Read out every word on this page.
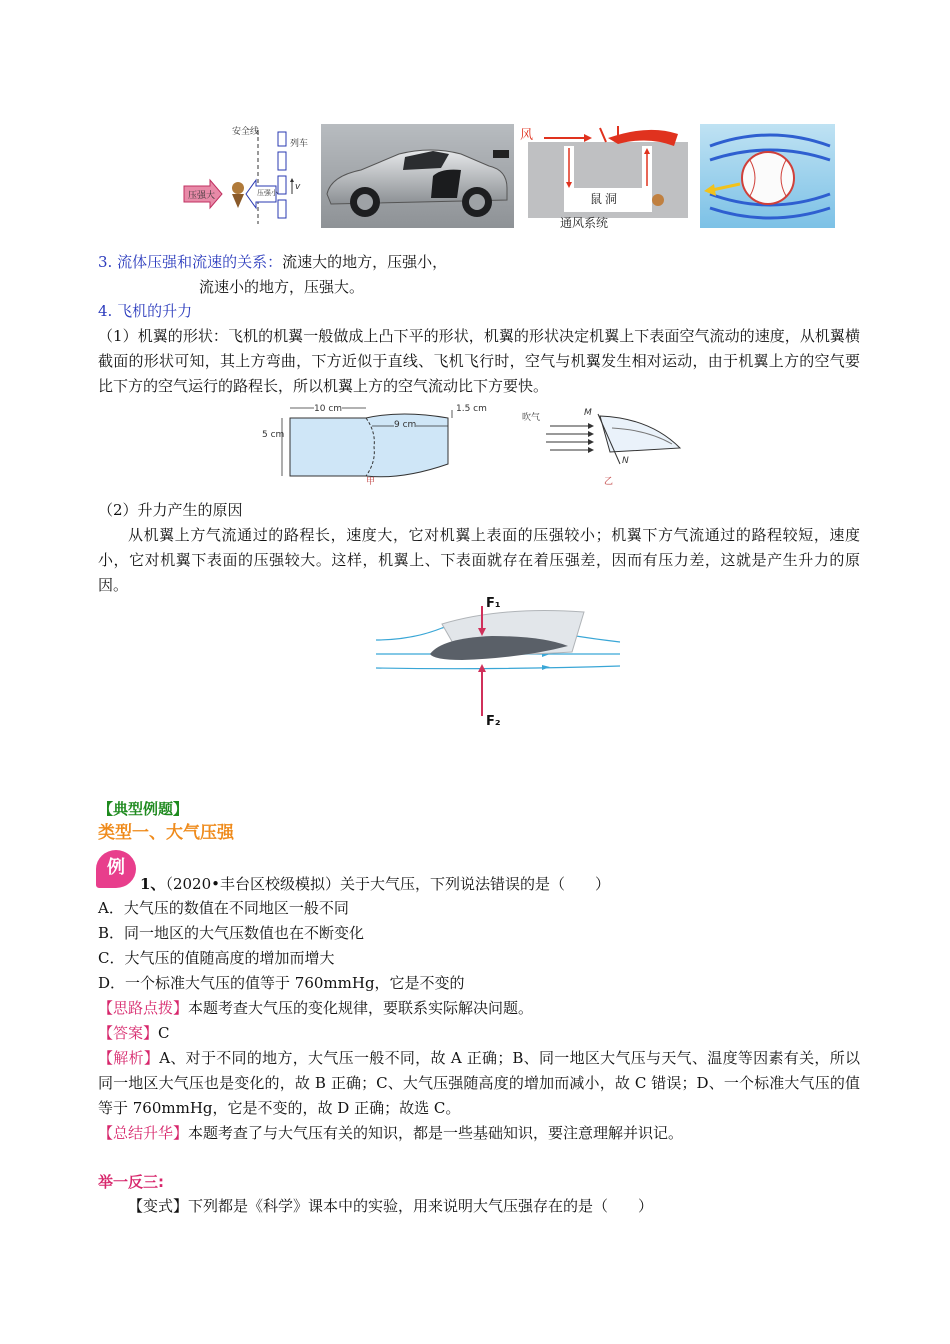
安全线
列车
压强大	压强小
v
风
鼠洞
通风系统
3. 流体压强和流速的关系：流速大的地方，压强小，
流速小的地方，压强大。
4. 飞机的升力
（1）机翼的形状：飞机的机翼一般做成上凸下平的形状，机翼的形状决定机翼上下表面空气流动的速度，从机翼横截面的形状可知，其上方弯曲，下方近似于直线、飞机飞行时，空气与机翼发生相对运动，由于机翼上方的空气要比下方的空气运行的路程长，所以机翼上方的空气流动比下方要快。
10 cm
9 cm
5 cm
1.5 cm
甲
吹气	M
N
乙
（2）升力产生的原因
从机翼上方气流通过的路程长，速度大，它对机翼上表面的压强较小；机翼下方气流通过的路程较短，速度小，它对机翼下表面的压强较大。这样，机翼上、下表面就存在着压强差，因而有压力差，这就是产生升力的原因。
F₁
F₂
【典型例题】
类型一、大气压强
例
1、（2020•丰台区校级模拟）关于大气压，下列说法错误的是（　　）
A．大气压的数值在不同地区一般不同
B．同一地区的大气压数值也在不断变化
C．大气压的值随高度的增加而增大
D．一个标准大气压的值等于 760mmHg，它是不变的
【思路点拨】本题考查大气压的变化规律，要联系实际解决问题。
【答案】C
【解析】A、对于不同的地方，大气压一般不同，故 A 正确；B、同一地区大气压与天气、温度等因素有关，所以同一地区大气压也是变化的，故 B 正确；C、大气压强随高度的增加而减小，故 C 错误；D、一个标准大气压的值等于 760mmHg，它是不变的，故 D 正确；故选 C。
【总结升华】本题考查了与大气压有关的知识，都是一些基础知识，要注意理解并识记。
举一反三:
【变式】下列都是《科学》课本中的实验，用来说明大气压强存在的是（　　）
